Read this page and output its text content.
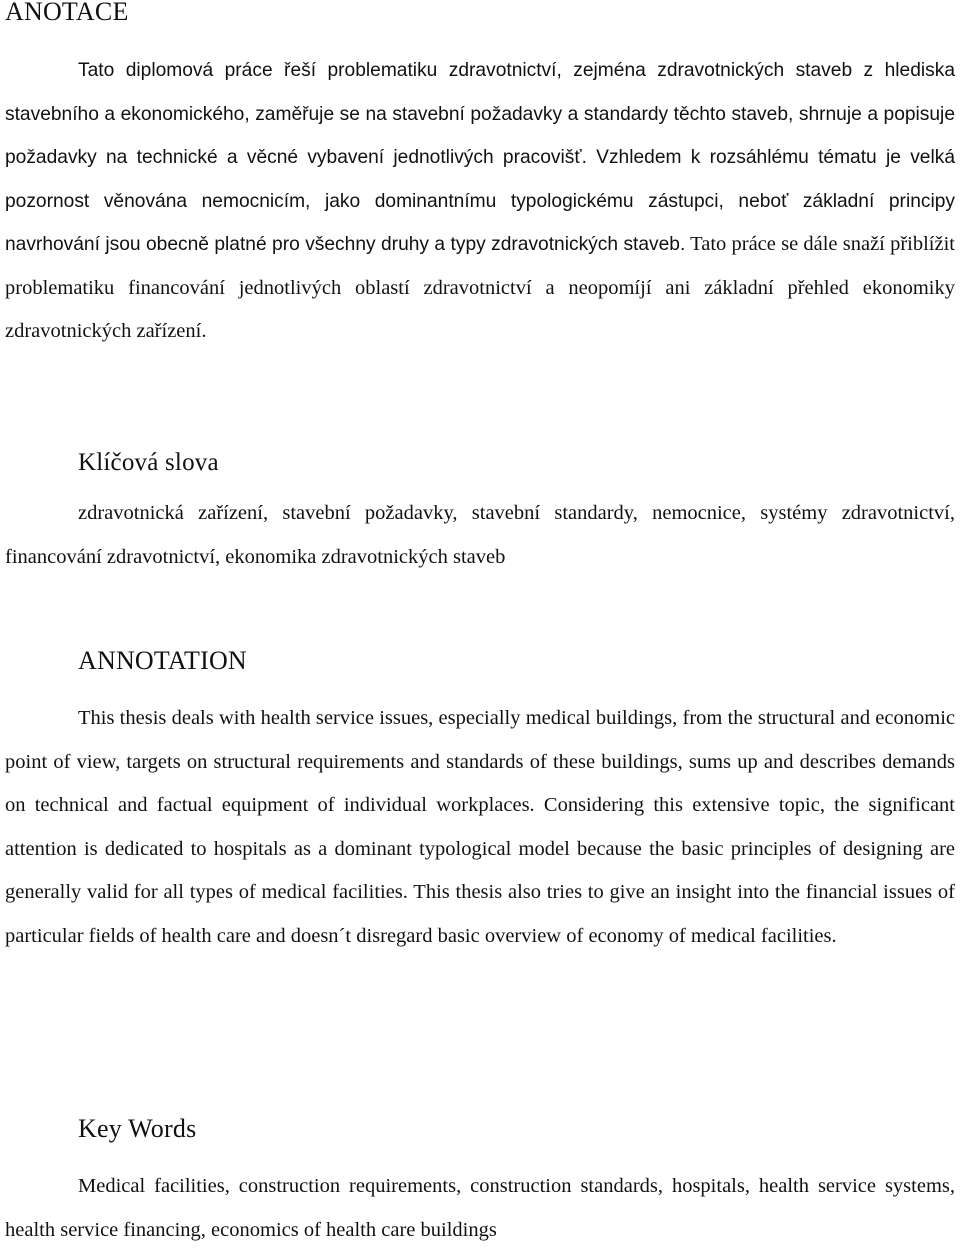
ANOTACE

Tato diplomová práce řeší problematiku zdravotnictví, zejména zdravotnických staveb z hlediska stavebního a ekonomického, zaměřuje se na stavební požadavky a standardy těchto staveb, shrnuje a popisuje požadavky na technické a věcné vybavení jednotlivých pracovišť. Vzhledem k rozsáhlému tématu je velká pozornost věnována nemocnicím, jako dominantnímu typologickému zástupci, neboť základní principy navrhování jsou obecně platné pro všechny druhy a typy zdravotnických staveb. Tato práce se dále snaží přiblížit problematiku financování jednotlivých oblastí zdravotnictví a neopomíjí ani základní přehled ekonomiky zdravotnických zařízení.

Klíčová slova

zdravotnická zařízení, stavební požadavky, stavební standardy, nemocnice, systémy zdravotnictví, financování zdravotnictví, ekonomika zdravotnických staveb

ANNOTATION

This thesis deals with health service issues, especially medical buildings, from the structural and economic point of view, targets on structural requirements and standards of these buildings, sums up and describes demands on technical and factual equipment of individual workplaces. Considering this extensive topic, the significant attention is dedicated to hospitals as a dominant typological model because the basic principles of designing are generally valid for all types of medical facilities. This thesis also tries to give an insight into the financial issues of particular fields of health care and doesn´t disregard basic overview of economy of medical facilities.

Key Words

Medical facilities, construction requirements, construction standards, hospitals, health service systems, health service financing, economics of health care buildings
